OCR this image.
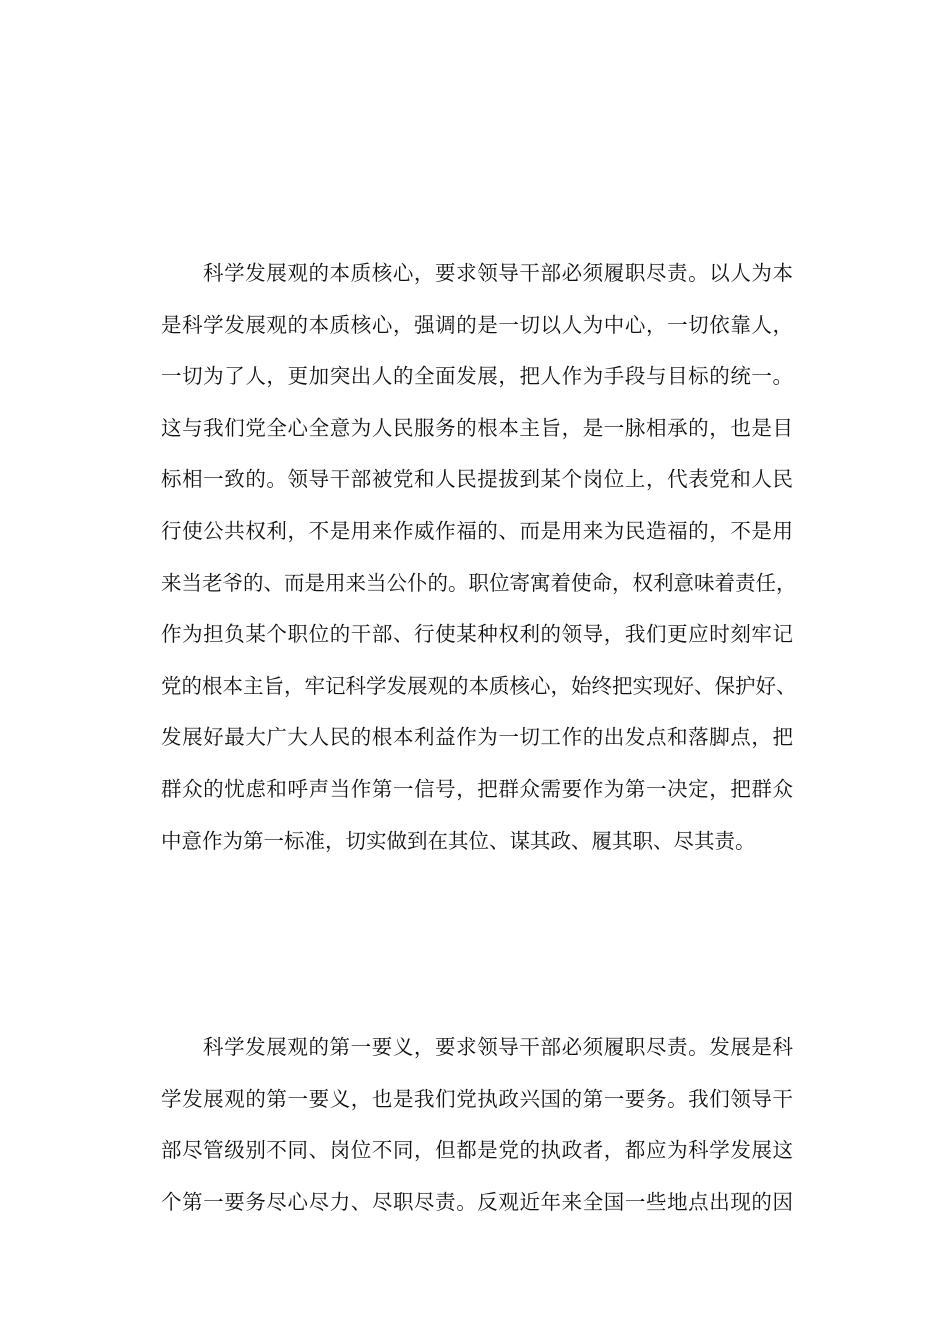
科学发展观的本质核心，要求领导干部必须履职尽责。以人为本
是科学发展观的本质核心，强调的是一切以人为中心，一切依靠人，
一切为了人，更加突出人的全面发展，把人作为手段与目标的统一。
这与我们党全心全意为人民服务的根本主旨，是一脉相承的，也是目
标相一致的。领导干部被党和人民提拔到某个岗位上，代表党和人民
行使公共权利，不是用来作威作福的、而是用来为民造福的，不是用
来当老爷的、而是用来当公仆的。职位寄寓着使命，权利意味着责任，
作为担负某个职位的干部、行使某种权利的领导，我们更应时刻牢记
党的根本主旨，牢记科学发展观的本质核心，始终把实现好、保护好、
发展好最大广大人民的根本利益作为一切工作的出发点和落脚点，把
群众的忧虑和呼声当作第一信号，把群众需要作为第一决定，把群众
中意作为第一标准，切实做到在其位、谋其政、履其职、尽其责。
科学发展观的第一要义，要求领导干部必须履职尽责。发展是科
学发展观的第一要义，也是我们党执政兴国的第一要务。我们领导干
部尽管级别不同、岗位不同，但都是党的执政者，都应为科学发展这
个第一要务尽心尽力、尽职尽责。反观近年来全国一些地点出现的因
